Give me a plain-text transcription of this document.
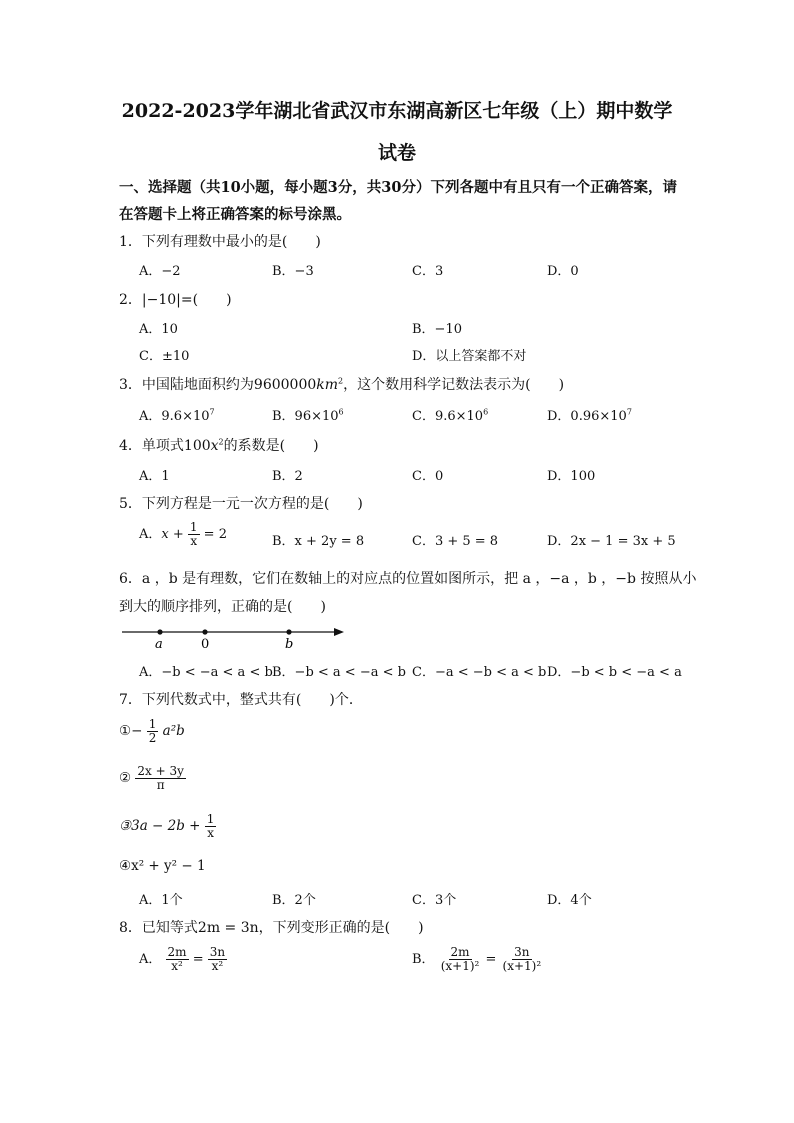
2022-2023学年湖北省武汉市东湖高新区七年级（上）期中数学
试卷
一、选择题（共10小题，每小题3分，共30分）下列各题中有且只有一个正确答案，请
在答题卡上将正确答案的标号涂黑。
1．下列有理数中最小的是(　　)
A．−2	B．−3	C．3	D．0
2．|−10|=(　　)
A．10	B．−10
C．±10	D．以上答案都不对
3．中国陆地面积约为$9600000km^2$，这个数用科学记数法表示为(　　)
A．$9.6\times 10^7$	B．$96\times 10^6$	C．$9.6\times 10^6$	D．$0.96\times 10^7$
4．单项式$100x^2$的系数是(　　)
A．1	B．2	C．0	D．100
5．下列方程是一元一次方程的是(　　)
A．$x + \frac{1}{x} = 2$	B．x + 2y = 8	C．3 + 5 = 8	D．2x − 1 = 3x + 5
6．a ，b 是有理数，它们在数轴上的对应点的位置如图所示，把 a ，−a ，b ，−b 按照从小
到大的顺序排列，正确的是(　　)
a	0	b
A．−b < −a < a < b B．−b < a < −a < b C．−a < −b < a < b D．−b < b < −a < a
7．下列代数式中，整式共有(　　)个．
①− $\frac{1}{2} a^2b$
② $\frac{2x + 3y}{\pi}$
③3a − $2b + \frac{1}{x}$
④x² + y² − 1
A．1个	B．2个	C．3个	D．4个
8．已知等式2m = 3n，下列变形正确的是(　　)
A． $\frac{2m}{\text{x²}} = \frac{3n}{\text{x²}}$	B． $\frac{2m}{\text{(x+1)²}} = \frac{3n}{\text{(x+1)²}}$
